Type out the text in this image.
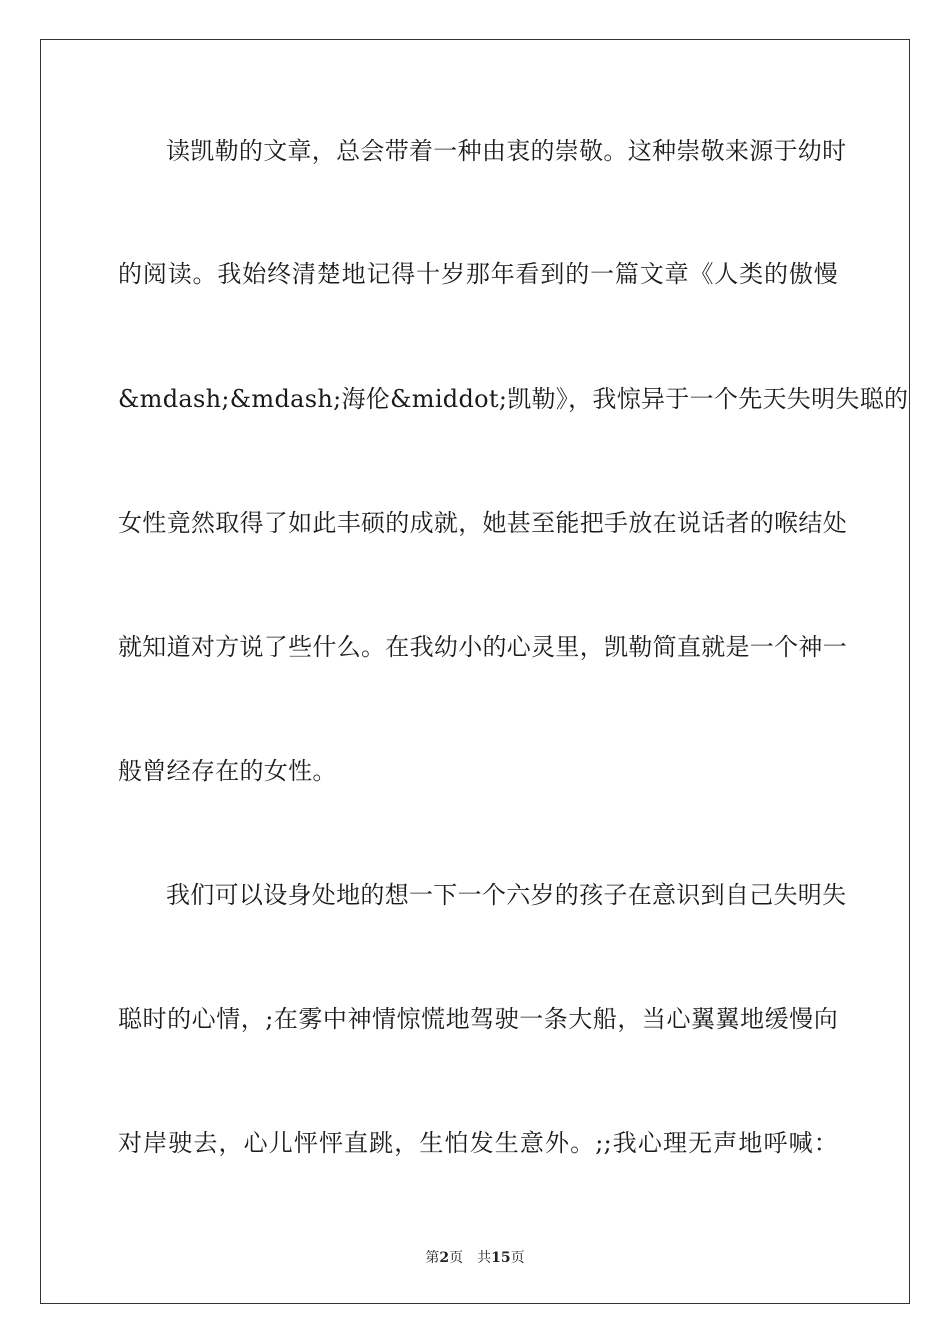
读凯勒的文章，总会带着一种由衷的崇敬。这种崇敬来源于幼时
的阅读。我始终清楚地记得十岁那年看到的一篇文章《人类的傲慢
&mdash;&mdash;海伦&middot;凯勒》，我惊异于一个先天失明失聪的
女性竟然取得了如此丰硕的成就，她甚至能把手放在说话者的喉结处
就知道对方说了些什么。在我幼小的心灵里，凯勒简直就是一个神一
般曾经存在的女性。
我们可以设身处地的想一下一个六岁的孩子在意识到自己失明失
聪时的心情，;在雾中神情惊慌地驾驶一条大船，当心翼翼地缓慢向
对岸驶去，心儿怦怦直跳，生怕发生意外。;;我心理无声地呼喊：
第2页 共15页
